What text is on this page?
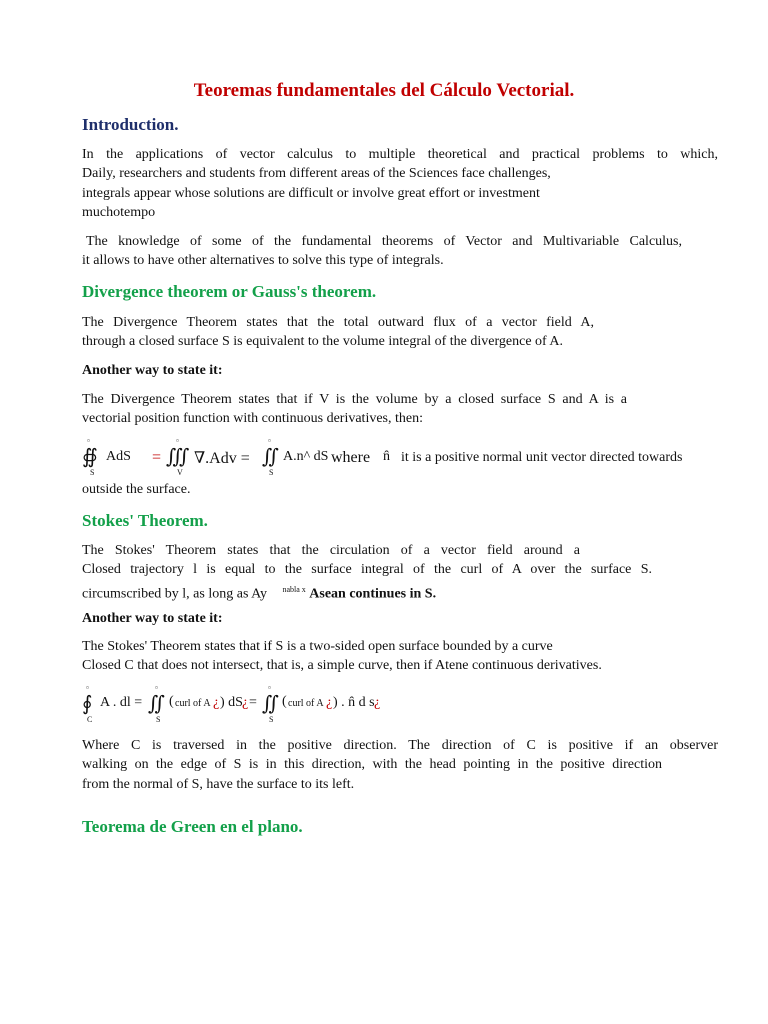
Teoremas fundamentales del Cálculo Vectorial.
Introduction.
In the applications of vector calculus to multiple theoretical and practical problems to which,
Daily, researchers and students from different areas of the Sciences face challenges,
integrals appear whose solutions are difficult or involve great effort or investment
muchotempo
The knowledge of some of the fundamental theorems of Vector and Multivariable Calculus,
it allows to have other alternatives to solve this type of integrals.
Divergence theorem or Gauss's theorem.
The Divergence Theorem states that the total outward flux of a vector field A,
through a closed surface S is equivalent to the volume integral of the divergence of A.
Another way to state it:
The Divergence Theorem states that if V is the volume by a closed surface S and A is a
vectorial position function with continuous derivatives, then:
▫
∯
S
AdS =
▫
∭
V
∇.Adv =
▫
∬
S
A.n^ dS where n̂ it is a positive normal unit vector directed towards
outside the surface.
Stokes' Theorem.
The Stokes' Theorem states that the circulation of a vector field around a
Closed trajectory l is equal to the surface integral of the curl of A over the surface S.
circumscribed by l, as long as Ay $^{nabla x}$ Asean continues in S.
Another way to state it:
The Stokes' Theorem states that if S is a two-sided open surface bounded by a curve
Closed C that does not intersect, that is, a simple curve, then if Atene continuous derivatives.
▫
∮
C
A . dl =
▫
∬
S
( curl of A ¿ ) dS ¿ =
▫
∬
S
( curl of A ¿ ) . n̂ d s ¿
Where C is traversed in the positive direction. The direction of C is positive if an observer
walking on the edge of S is in this direction, with the head pointing in the positive direction
from the normal of S, have the surface to its left.
Teorema de Green en el plano.
